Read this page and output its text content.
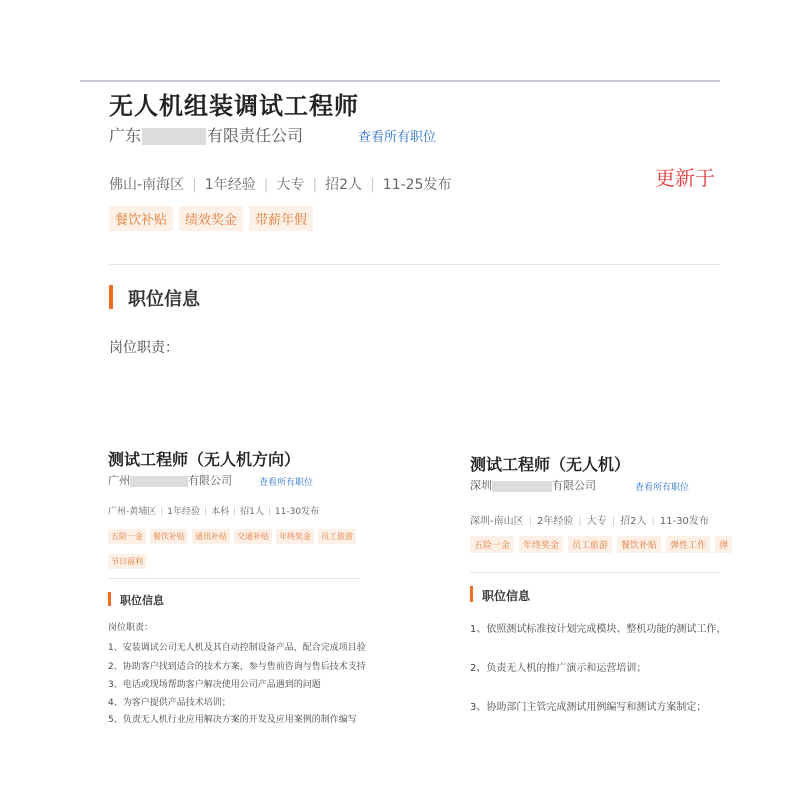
无人机组装调试工程师
广东	有限责任公司	查看所有职位
佛山-南海区 | 1年经验 | 大专 | 招2人 | 11-25发布	更新于
餐饮补贴 绩效奖金 带薪年假
职位信息
岗位职责：
测试工程师（无人机方向）
广州	有限公司	查看所有职位
广州-黄埔区 | 1年经验 | 本科 | 招1人 | 11-30发布
五险一金 餐饮补贴 通讯补贴 交通补贴 年终奖金 员工旅游节日福利
职位信息
岗位职责：
1、安装调试公司无人机及其自动控制设备产品，配合完成项目验
2、协助客户找到适合的技术方案，参与售前咨询与售后技术支持
3、电话或现场帮助客户解决使用公司产品遇到的问题
4、为客户提供产品技术培训；
5、负责无人机行业应用解决方案的开发及应用案例的制作编写
测试工程师（无人机）
深圳	有限公司	查看所有职位
深圳-南山区 | 2年经验 | 大专 | 招2人 | 11-30发布
五险一金 年终奖金 员工旅游 餐饮补贴 弹性工作 弹
职位信息
1、依照测试标准按计划完成模块、整机功能的测试工作，
2、负责无人机的推广演示和运营培训；
3、协助部门主管完成测试用例编写和测试方案制定；
